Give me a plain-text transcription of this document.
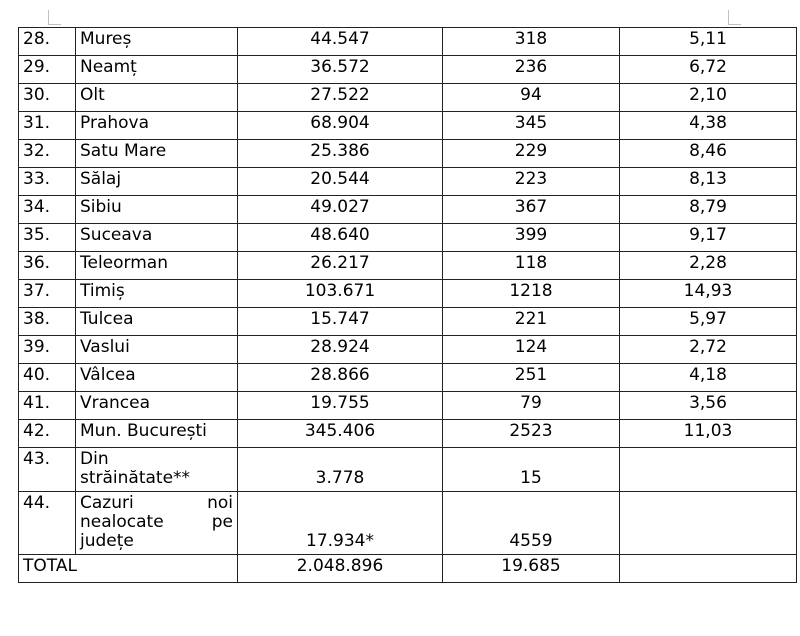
28.	Mureș	44.547	318	5,11
29.	Neamț	36.572	236	6,72
30.	Olt	27.522	94	2,10
31.	Prahova	68.904	345	4,38
32.	Satu Mare	25.386	229	8,46
33.	Sălaj	20.544	223	8,13
34.	Sibiu	49.027	367	8,79
35.	Suceava	48.640	399	9,17
36.	Teleorman	26.217	118	2,28
37.	Timiș	103.671	1218	14,93
38.	Tulcea	15.747	221	5,97
39.	Vaslui	28.924	124	2,72
40.	Vâlcea	28.866	251	4,18
41.	Vrancea	19.755	79	3,56
42.	Mun. București	345.406	2523	11,03
43.	Din
străinătate**	3.778	15	

44.	Cazuri noi
nealocate pe
județe	17.934*	4559	

TOTAL		2.048.896	19.685	
